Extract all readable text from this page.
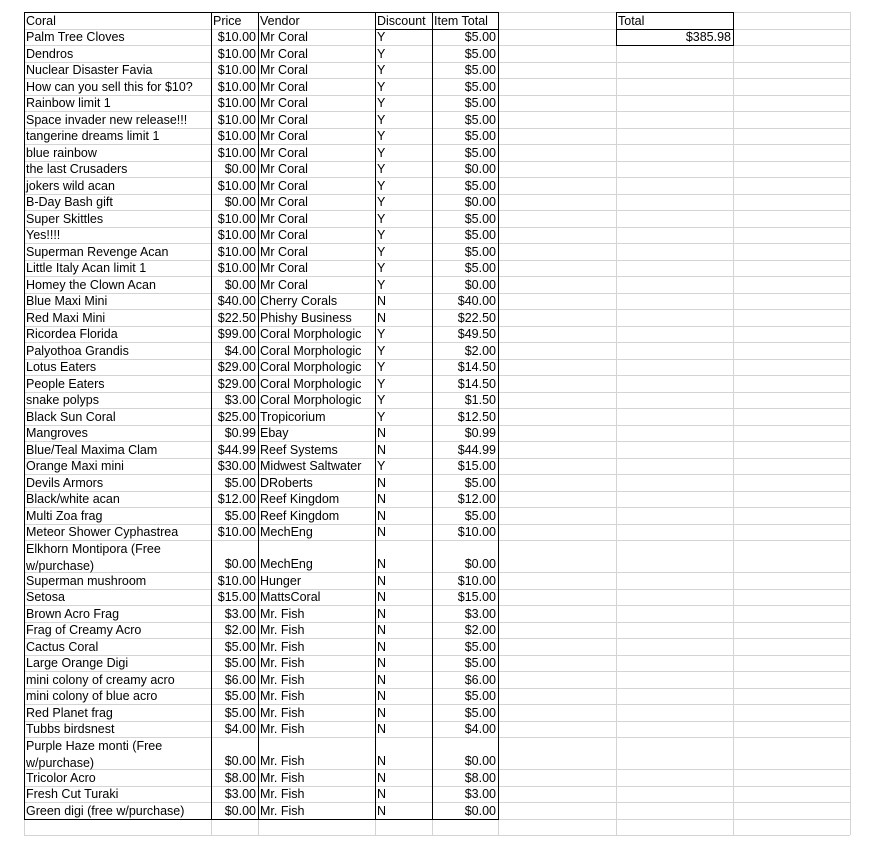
Coral	Price	Vendor	Discount Item Total
Palm Tree Cloves	$10.00 Mr Coral	Y	$5.00
Dendros	$10.00 Mr Coral	Y	$5.00
Nuclear Disaster Favia	$10.00 Mr Coral	Y	$5.00
How can you sell this for $10?	$10.00 Mr Coral	Y	$5.00
Rainbow limit 1	$10.00 Mr Coral	Y	$5.00
Space invader new release!!!	$10.00 Mr Coral	Y	$5.00
tangerine dreams limit 1	$10.00 Mr Coral	Y	$5.00
blue rainbow	$10.00 Mr Coral	Y	$5.00
the last Crusaders	$0.00 Mr Coral	Y	$0.00
jokers wild acan	$10.00 Mr Coral	Y	$5.00
B-Day Bash gift	$0.00 Mr Coral	Y	$0.00
Super Skittles	$10.00 Mr Coral	Y	$5.00
Yes!!!!	$10.00 Mr Coral	Y	$5.00
Superman Revenge Acan	$10.00 Mr Coral	Y	$5.00
Little Italy Acan limit 1	$10.00 Mr Coral	Y	$5.00
Homey the Clown Acan	$0.00 Mr Coral	Y	$0.00
Blue Maxi Mini	$40.00 Cherry Corals	N	$40.00
Red Maxi Mini	$22.50 Phishy Business	N	$22.50
Ricordea Florida	$99.00 Coral Morphologic	Y	$49.50
Palyothoa Grandis	$4.00 Coral Morphologic	Y	$2.00
Lotus Eaters	$29.00 Coral Morphologic	Y	$14.50
People Eaters	$29.00 Coral Morphologic	Y	$14.50
snake polyps	$3.00 Coral Morphologic	Y	$1.50
Black Sun Coral	$25.00 Tropicorium	Y	$12.50
Mangroves	$0.99 Ebay	N	$0.99
Blue/Teal Maxima Clam	$44.99 Reef Systems	N	$44.99
Orange Maxi mini	$30.00 Midwest Saltwater	Y	$15.00
Devils Armors	$5.00 DRoberts	N	$5.00
Black/white acan	$12.00 Reef Kingdom	N	$12.00
Multi Zoa frag	$5.00 Reef Kingdom	N	$5.00
Meteor Shower Cyphastrea	$10.00 MechEng	N	$10.00
Elkhorn Montipora (Free w/purchase)	$0.00 MechEng	N	$0.00
Superman mushroom	$10.00 Hunger	N	$10.00
Setosa	$15.00 MattsCoral	N	$15.00
Brown Acro Frag	$3.00 Mr. Fish	N	$3.00
Frag of Creamy Acro	$2.00 Mr. Fish	N	$2.00
Cactus Coral	$5.00 Mr. Fish	N	$5.00
Large Orange Digi	$5.00 Mr. Fish	N	$5.00
mini colony of creamy acro	$6.00 Mr. Fish	N	$6.00
mini colony of blue acro	$5.00 Mr. Fish	N	$5.00
Red Planet frag	$5.00 Mr. Fish	N	$5.00
Tubbs birdsnest	$4.00 Mr. Fish	N	$4.00
Purple Haze monti (Free w/purchase)	$0.00 Mr. Fish	N	$0.00
Tricolor Acro	$8.00 Mr. Fish	N	$8.00
Fresh Cut Turaki	$3.00 Mr. Fish	N	$3.00
Green digi (free w/purchase)	$0.00 Mr. Fish	N	$0.00
Total
$385.98
